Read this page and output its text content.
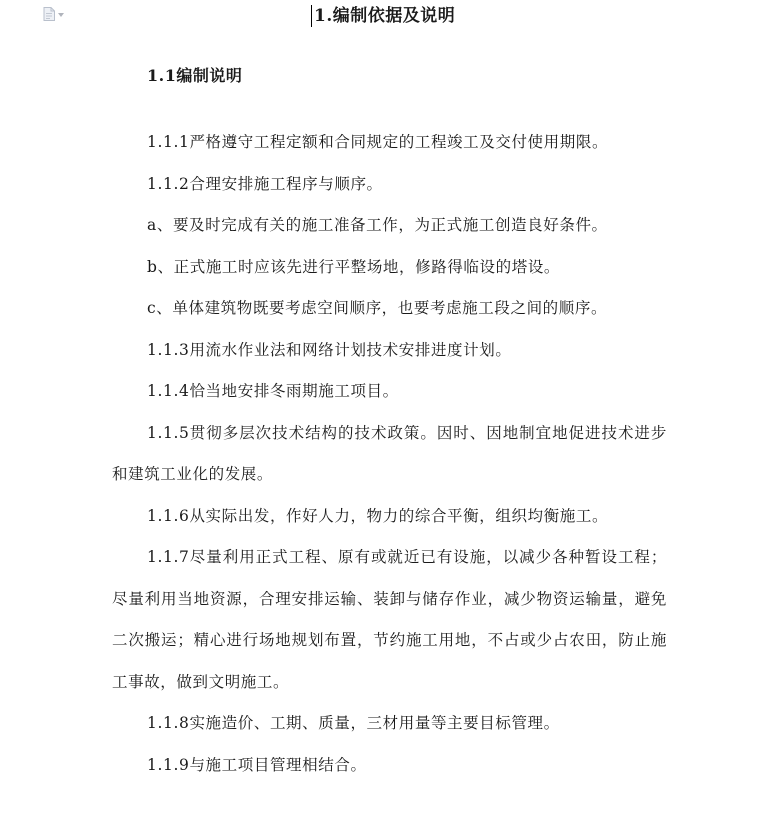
1.编制依据及说明
1.1编制说明

1.1.1严格遵守工程定额和合同规定的工程竣工及交付使用期限。

1.1.2合理安排施工程序与顺序。

a、要及时完成有关的施工准备工作，为正式施工创造良好条件。

b、正式施工时应该先进行平整场地，修路得临设的塔设。

c、单体建筑物既要考虑空间顺序，也要考虑施工段之间的顺序。

1.1.3用流水作业法和网络计划技术安排进度计划。

1.1.4恰当地安排冬雨期施工项目。

1.1.5贯彻多层次技术结构的技术政策。因时、因地制宜地促进技术进步和建筑工业化的发展。

1.1.6从实际出发，作好人力，物力的综合平衡，组织均衡施工。

1.1.7尽量利用正式工程、原有或就近已有设施，以减少各种暂设工程；尽量利用当地资源，合理安排运输、装卸与储存作业，减少物资运输量，避免二次搬运；精心进行场地规划布置，节约施工用地，不占或少占农田，防止施工事故，做到文明施工。

1.1.8实施造价、工期、质量，三材用量等主要目标管理。

1.1.9与施工项目管理相结合。
